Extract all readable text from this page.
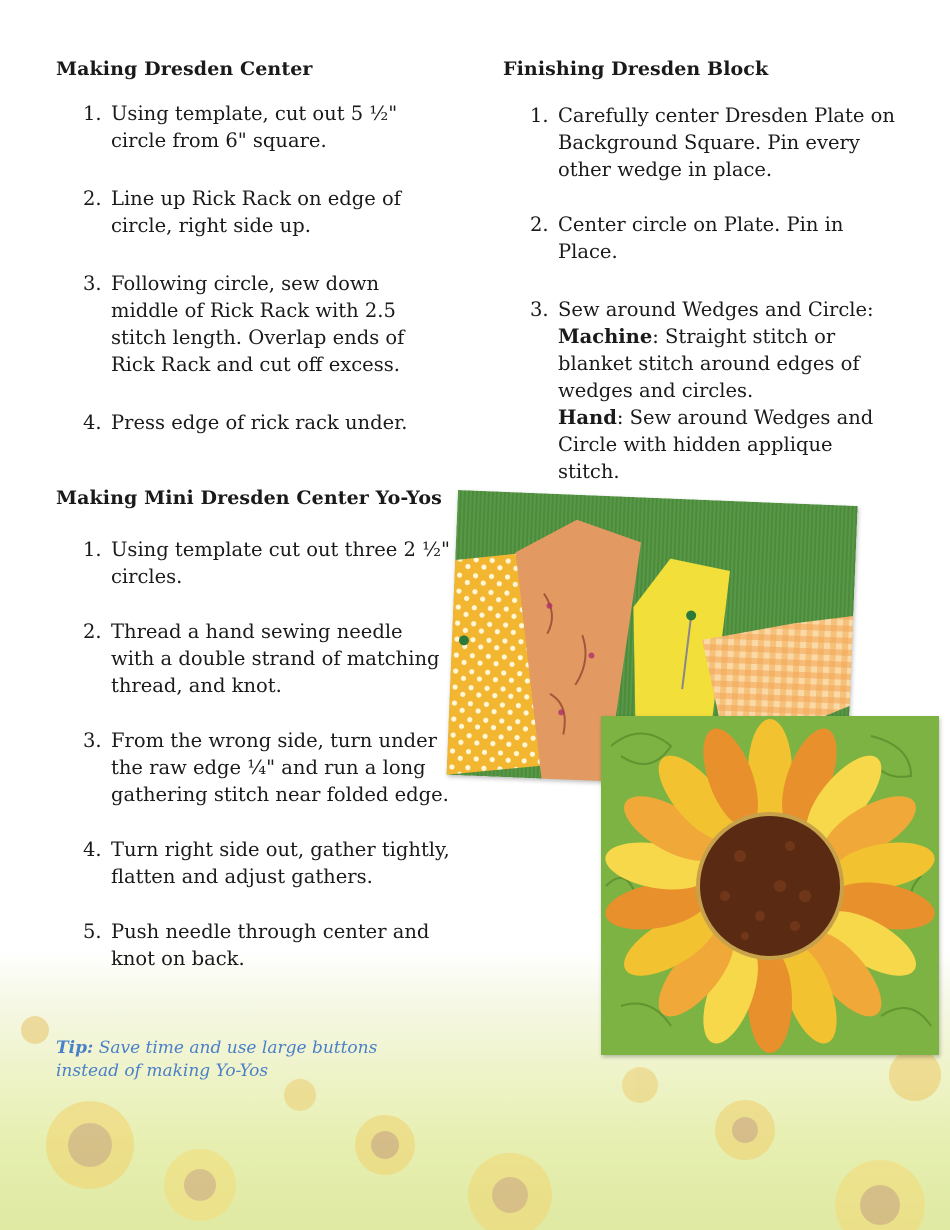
Making Dresden Center
1. Using template, cut out 5 ½" circle from 6" square.
2. Line up Rick Rack on edge of circle, right side up.
3. Following circle, sew down middle of Rick Rack with 2.5 stitch length. Overlap ends of Rick Rack and cut off excess.
4. Press edge of rick rack under.
Making Mini Dresden Center Yo-Yos
1. Using template cut out three 2 ½" circles.
2. Thread a hand sewing needle with a double strand of matching thread, and knot.
3. From the wrong side, turn under the raw edge ¼" and run a long gathering stitch near folded edge.
4. Turn right side out, gather tightly, flatten and adjust gathers.
5. Push needle through center and knot on back.
Tip: Save time and use large buttons instead of making Yo-Yos
Finishing Dresden Block
1. Carefully center Dresden Plate on Background Square. Pin every other wedge in place.
2. Center circle on Plate. Pin in Place.
3. Sew around Wedges and Circle:
Machine: Straight stitch or blanket stitch around edges of wedges and circles.
Hand: Sew around Wedges and Circle with hidden applique stitch.
